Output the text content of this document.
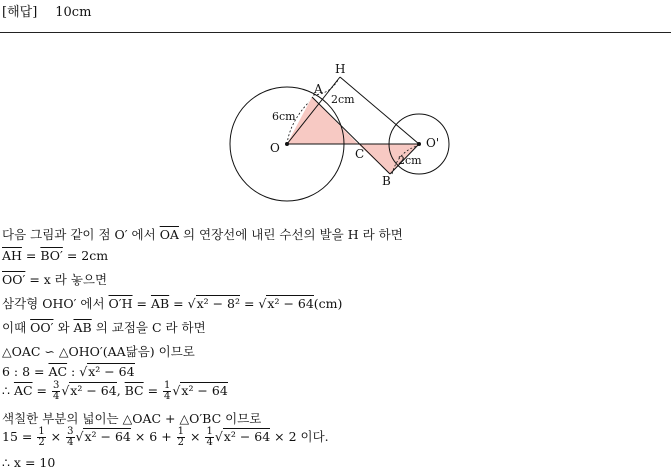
[해답] 10cm
H
A
O	O'
C
B
2cm
6cm
2cm
다음 그림과 같이 점 O′ 에서 $\overline{OA}$ 의 연장선에 내린 수선의 발을 H 라 하면
$\overline{AH} = BO' = 2cm$
OO′ = x 라 놓으면
삼각형 OHO′ 에서 $O'H = \overline{AB} = √x^2 - 8^2 = √x^2 - 64(cm)$
이때 OO′ 와 $\overline{AB}$ 의 교점을 C 라 하면
△OAC ∽ △OHO′(AA닮음) 이므로
6 : $8 = \overline{AC}$ : √x² − 64
∴ $\overline{AC} = \frac{3}{4} √x^2 - 64$, $\overline{BC} = \frac{1}{4} √x^2 - 64$
색칠한 부분의 넓이는 △OAC + △O′BC 이므로
$15 = \frac{1}{2} \times \frac{3}{4} √x^2 - 64 \times 6 + \frac{1}{2} \times \frac{1}{4} √x^2 - 64 \times 2$ 이다.
∴ x = 10
